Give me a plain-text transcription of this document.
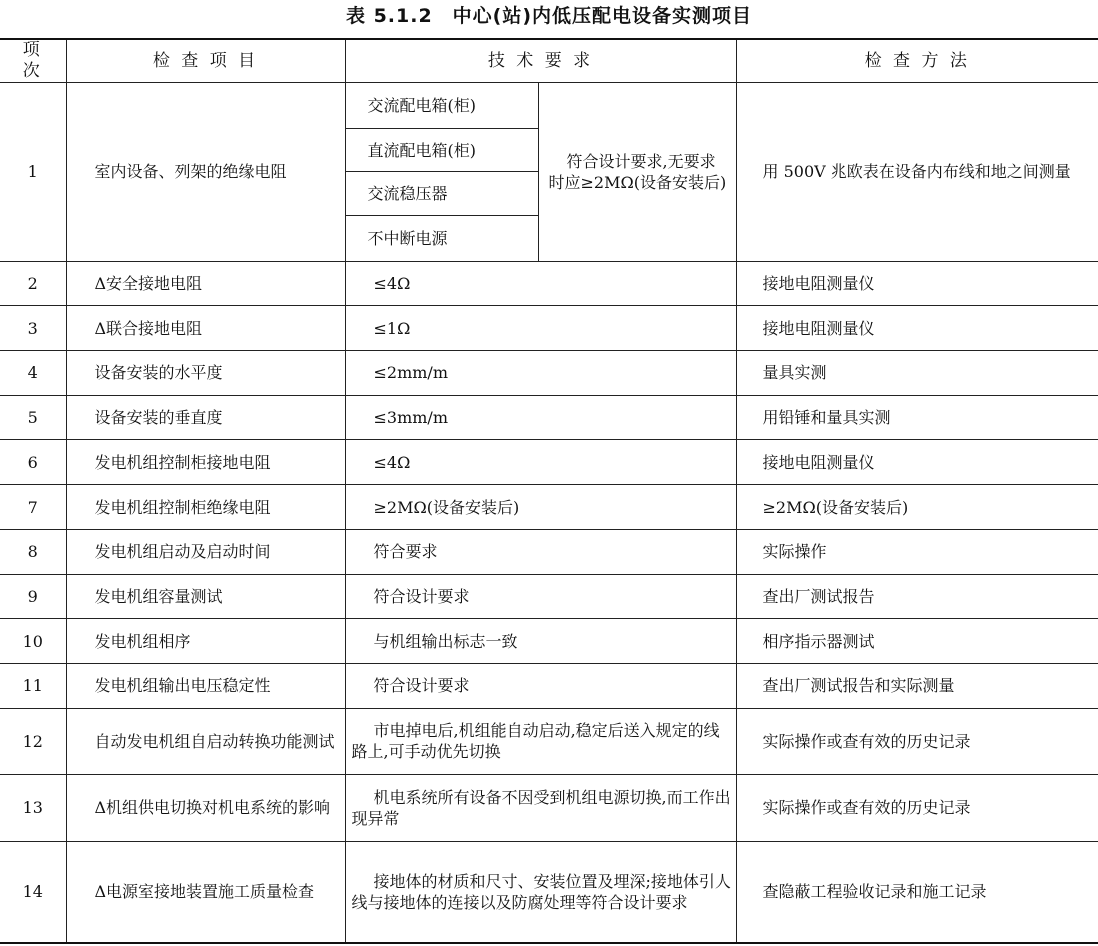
表 5.1.2　中心(站)内低压配电设备实测项目
项　次	检 查 项 目	技 术 要 求		检 查 方 法
1	室内设备、列架的绝缘电阻	交流配电箱(柜)	符合设计要求,无要求时应≥2MΩ(设备安装后)	用 500V 兆欧表在设备内布线和地之间测量
		直流配电箱(柜)		
		交流稳压器		
		不中断电源		
2	Δ安全接地电阻	≤4Ω		接地电阻测量仪
3	Δ联合接地电阻	≤1Ω		接地电阻测量仪
4	设备安装的水平度	≤2mm/m		量具实测
5	设备安装的垂直度	≤3mm/m		用铅锤和量具实测
6	发电机组控制柜接地电阻	≤4Ω		接地电阻测量仪
7	发电机组控制柜绝缘电阻	≥2MΩ(设备安装后)		≥2MΩ(设备安装后)
8	发电机组启动及启动时间	符合要求		实际操作
9	发电机组容量测试	符合设计要求		查出厂测试报告
10	发电机组相序	与机组输出标志一致		相序指示器测试
11	发电机组输出电压稳定性	符合设计要求		查出厂测试报告和实际测量
12	自动发电机组自启动转换功能测试	市电掉电后,机组能自动启动,稳定后送入规定的线路上,可手动优先切换		实际操作或查有效的历史记录
13	Δ机组供电切换对机电系统的影响	机电系统所有设备不因受到机组电源切换,而工作出现异常		实际操作或查有效的历史记录
14	Δ电源室接地装置施工质量检查	接地体的材质和尺寸、安装位置及埋深;接地体引人线与接地体的连接以及防腐处理等符合设计要求		查隐蔽工程验收记录和施工记录
